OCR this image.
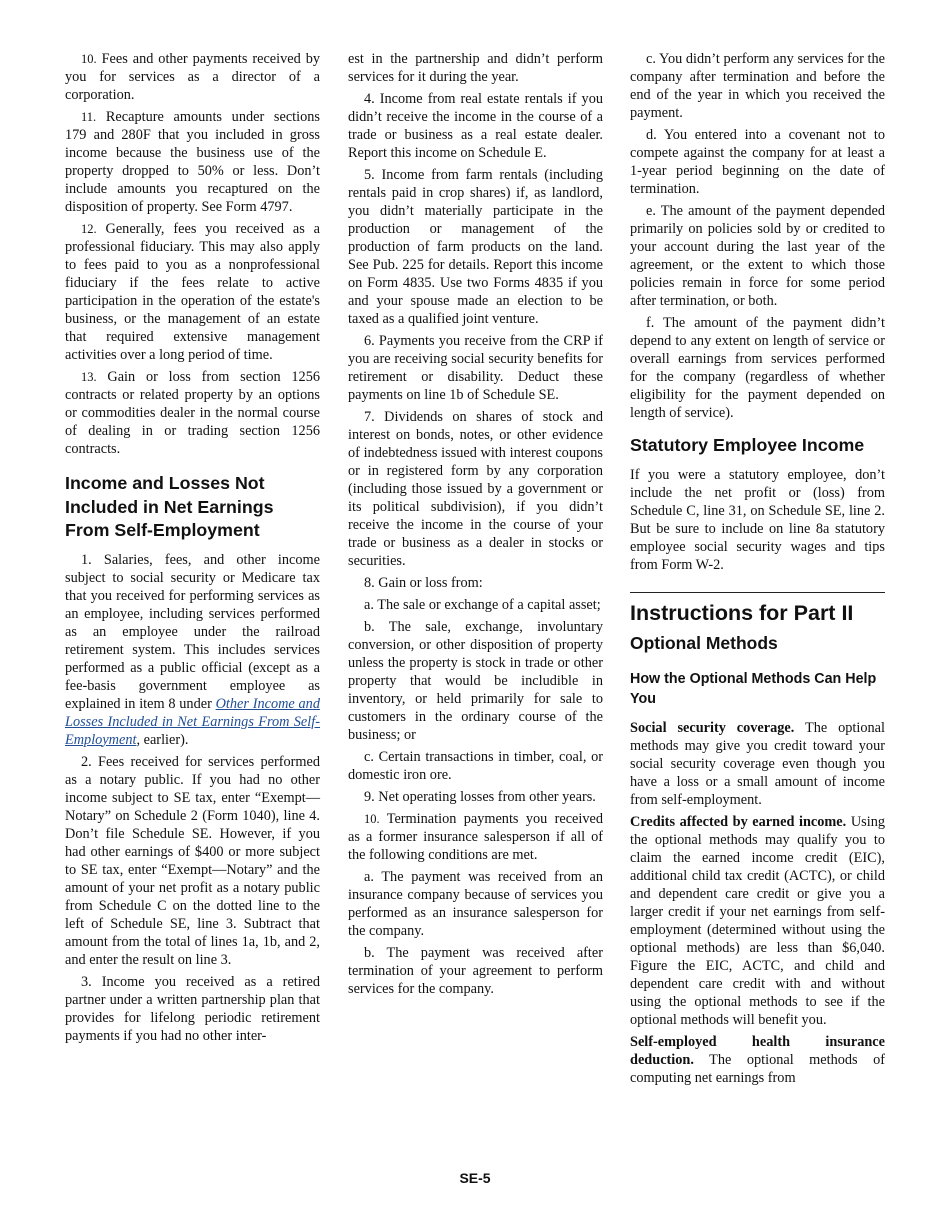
10. Fees and other payments received by you for services as a director of a corporation.

11. Recapture amounts under sections 179 and 280F that you included in gross income because the business use of the property dropped to 50% or less. Don’t include amounts you recaptured on the disposition of property. See Form 4797.

12. Generally, fees you received as a professional fiduciary. This may also apply to fees paid to you as a nonprofessional fiduciary if the fees relate to active participation in the operation of the estate's business, or the management of an estate that required extensive management activities over a long period of time.

13. Gain or loss from section 1256 contracts or related property by an options or commodities dealer in the normal course of dealing in or trading section 1256 contracts.

Income and Losses Not Included in Net Earnings From Self-Employment

1. Salaries, fees, and other income subject to social security or Medicare tax that you received for performing services as an employee, including services performed as an employee under the railroad retirement system. This includes services performed as a public official (except as a fee-basis government employee as explained in item 8 under Other Income and Losses Included in Net Earnings From Self-Employment, earlier).

2. Fees received for services performed as a notary public. If you had no other income subject to SE tax, enter “Exempt—Notary” on Schedule 2 (Form 1040), line 4. Don’t file Schedule SE. However, if you had other earnings of $400 or more subject to SE tax, enter “Exempt—Notary” and the amount of your net profit as a notary public from Schedule C on the dotted line to the left of Schedule SE, line 3. Subtract that amount from the total of lines 1a, 1b, and 2, and enter the result on line 3.

3. Income you received as a retired partner under a written partnership plan that provides for lifelong periodic retirement payments if you had no other inter-

est in the partnership and didn’t perform services for it during the year.

4. Income from real estate rentals if you didn’t receive the income in the course of a trade or business as a real estate dealer. Report this income on Schedule E.

5. Income from farm rentals (including rentals paid in crop shares) if, as landlord, you didn’t materially participate in the production or management of the production of farm products on the land. See Pub. 225 for details. Report this income on Form 4835. Use two Forms 4835 if you and your spouse made an election to be taxed as a qualified joint venture.

6. Payments you receive from the CRP if you are receiving social security benefits for retirement or disability. Deduct these payments on line 1b of Schedule SE.

7. Dividends on shares of stock and interest on bonds, notes, or other evidence of indebtedness issued with interest coupons or in registered form by any corporation (including those issued by a government or its political subdivision), if you didn’t receive the income in the course of your trade or business as a dealer in stocks or securities.

8. Gain or loss from:

a. The sale or exchange of a capital asset;

b. The sale, exchange, involuntary conversion, or other disposition of property unless the property is stock in trade or other property that would be includible in inventory, or held primarily for sale to customers in the ordinary course of the business; or

c. Certain transactions in timber, coal, or domestic iron ore.

9. Net operating losses from other years.

10. Termination payments you received as a former insurance salesperson if all of the following conditions are met.

a. The payment was received from an insurance company because of services you performed as an insurance salesperson for the company.

b. The payment was received after termination of your agreement to perform services for the company.

c. You didn’t perform any services for the company after termination and before the end of the year in which you received the payment.

d. You entered into a covenant not to compete against the company for at least a 1-year period beginning on the date of termination.

e. The amount of the payment depended primarily on policies sold by or credited to your account during the last year of the agreement, or the extent to which those policies remain in force for some period after termination, or both.

f. The amount of the payment didn’t depend to any extent on length of service or overall earnings from services performed for the company (regardless of whether eligibility for the payment depended on length of service).

Statutory Employee Income

If you were a statutory employee, don’t include the net profit or (loss) from Schedule C, line 31, on Schedule SE, line 2. But be sure to include on line 8a statutory employee social security wages and tips from Form W-2.

Instructions for Part II
Optional Methods
How the Optional Methods Can Help You

Social security coverage. The optional methods may give you credit toward your social security coverage even though you have a loss or a small amount of income from self-employment.

Credits affected by earned income. Using the optional methods may qualify you to claim the earned income credit (EIC), additional child tax credit (ACTC), or child and dependent care credit or give you a larger credit if your net earnings from self-employment (determined without using the optional methods) are less than $6,040. Figure the EIC, ACTC, and child and dependent care credit with and without using the optional methods to see if the optional methods will benefit you.

Self-employed health insurance deduction. The optional methods of computing net earnings from

SE-5
